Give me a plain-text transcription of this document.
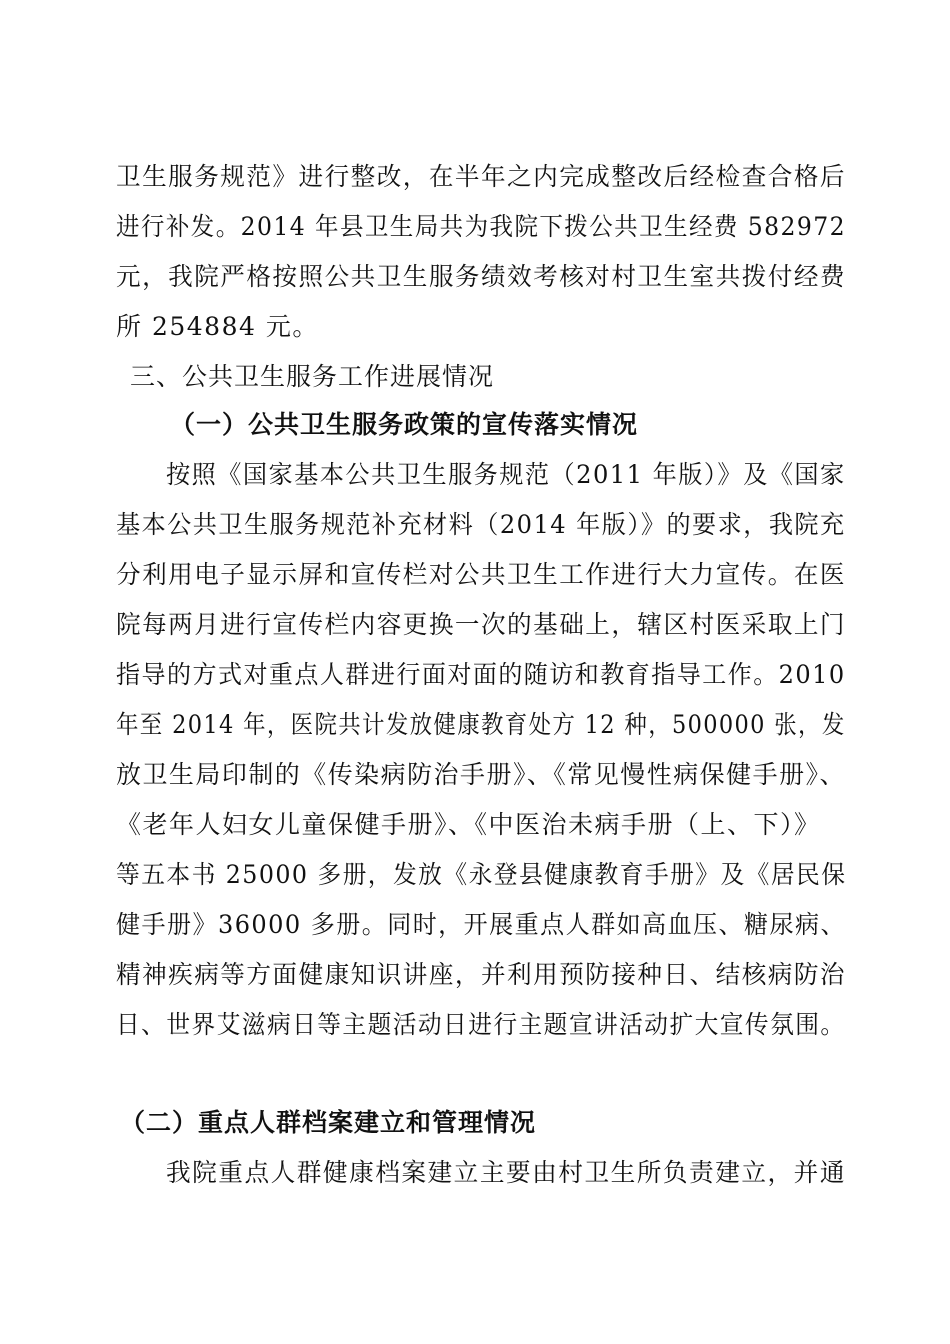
卫生服务规范》进行整改，在半年之内完成整改后经检查合格后
进行补发。2014 年县卫生局共为我院下拨公共卫生经费 582972
元，我院严格按照公共卫生服务绩效考核对村卫生室共拨付经费
所 254884 元。
三、公共卫生服务工作进展情况
（一）公共卫生服务政策的宣传落实情况
按照《国家基本公共卫生服务规范（2011 年版）》及《国家
基本公共卫生服务规范补充材料（2014 年版）》的要求，我院充
分利用电子显示屏和宣传栏对公共卫生工作进行大力宣传。在医
院每两月进行宣传栏内容更换一次的基础上，辖区村医采取上门
指导的方式对重点人群进行面对面的随访和教育指导工作。2010
年至 2014 年，医院共计发放健康教育处方 12 种，500000 张，发
放卫生局印制的《传染病防治手册》、《常见慢性病保健手册》、
《老年人妇女儿童保健手册》、《中医治未病手册（上、下）》
等五本书 25000 多册，发放《永登县健康教育手册》及《居民保
健手册》36000 多册。同时，开展重点人群如高血压、糖尿病、
精神疾病等方面健康知识讲座，并利用预防接种日、结核病防治
日、世界艾滋病日等主题活动日进行主题宣讲活动扩大宣传氛围。
（二）重点人群档案建立和管理情况
我院重点人群健康档案建立主要由村卫生所负责建立，并通
